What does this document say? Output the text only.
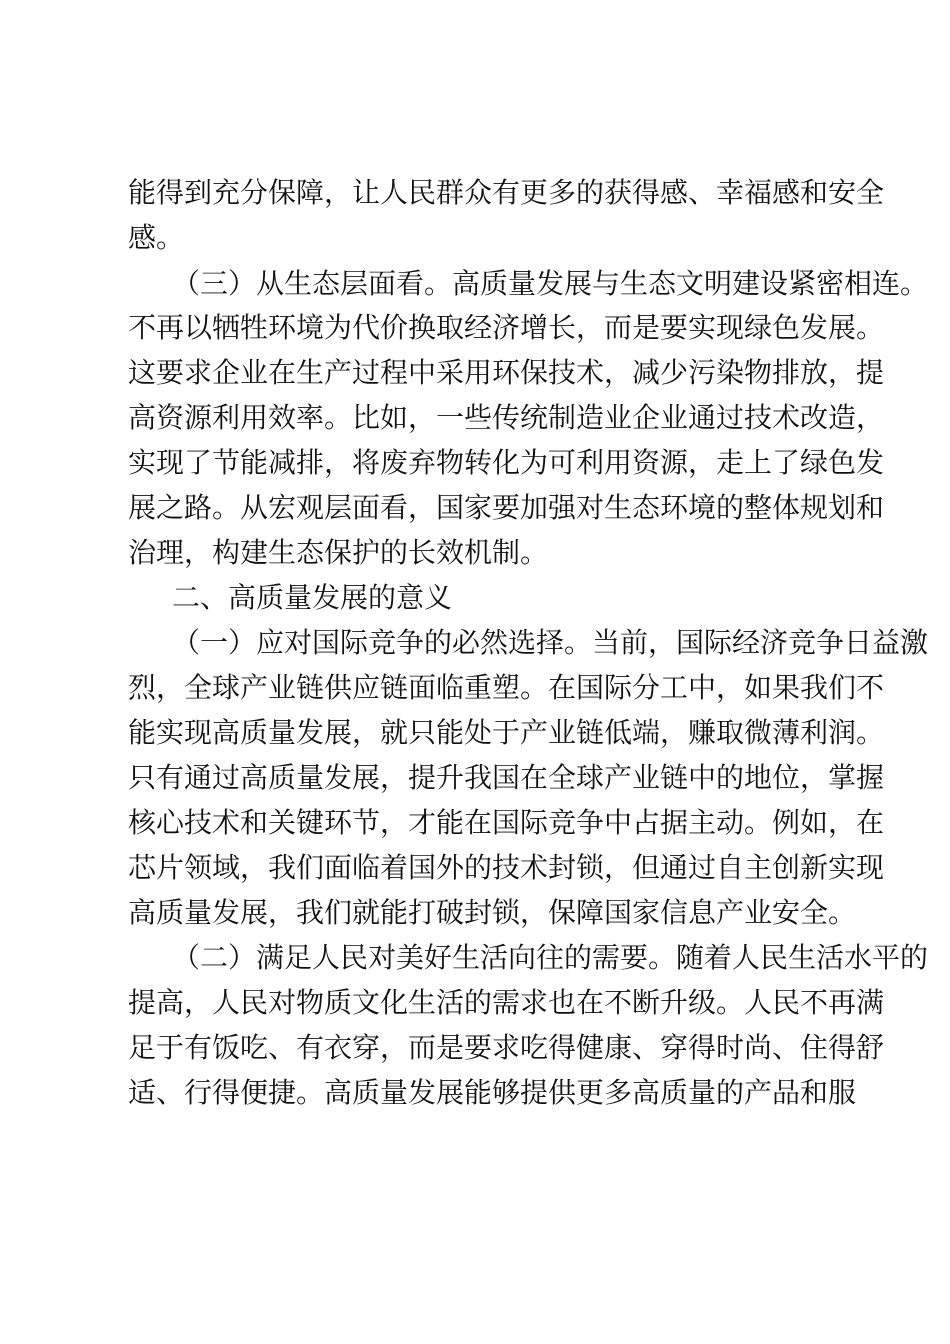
能得到充分保障，让人民群众有更多的获得感、幸福感和安全
感。
（三）从生态层面看。高质量发展与生态文明建设紧密相连。
不再以牺牲环境为代价换取经济增长，而是要实现绿色发展。
这要求企业在生产过程中采用环保技术，减少污染物排放，提
高资源利用效率。比如，一些传统制造业企业通过技术改造，
实现了节能减排，将废弃物转化为可利用资源，走上了绿色发
展之路。从宏观层面看，国家要加强对生态环境的整体规划和
治理，构建生态保护的长效机制。
二、高质量发展的意义
（一）应对国际竞争的必然选择。当前，国际经济竞争日益激
烈，全球产业链供应链面临重塑。在国际分工中，如果我们不
能实现高质量发展，就只能处于产业链低端，赚取微薄利润。
只有通过高质量发展，提升我国在全球产业链中的地位，掌握
核心技术和关键环节，才能在国际竞争中占据主动。例如，在
芯片领域，我们面临着国外的技术封锁，但通过自主创新实现
高质量发展，我们就能打破封锁，保障国家信息产业安全。
（二）满足人民对美好生活向往的需要。随着人民生活水平的
提高，人民对物质文化生活的需求也在不断升级。人民不再满
足于有饭吃、有衣穿，而是要求吃得健康、穿得时尚、住得舒
适、行得便捷。高质量发展能够提供更多高质量的产品和服
